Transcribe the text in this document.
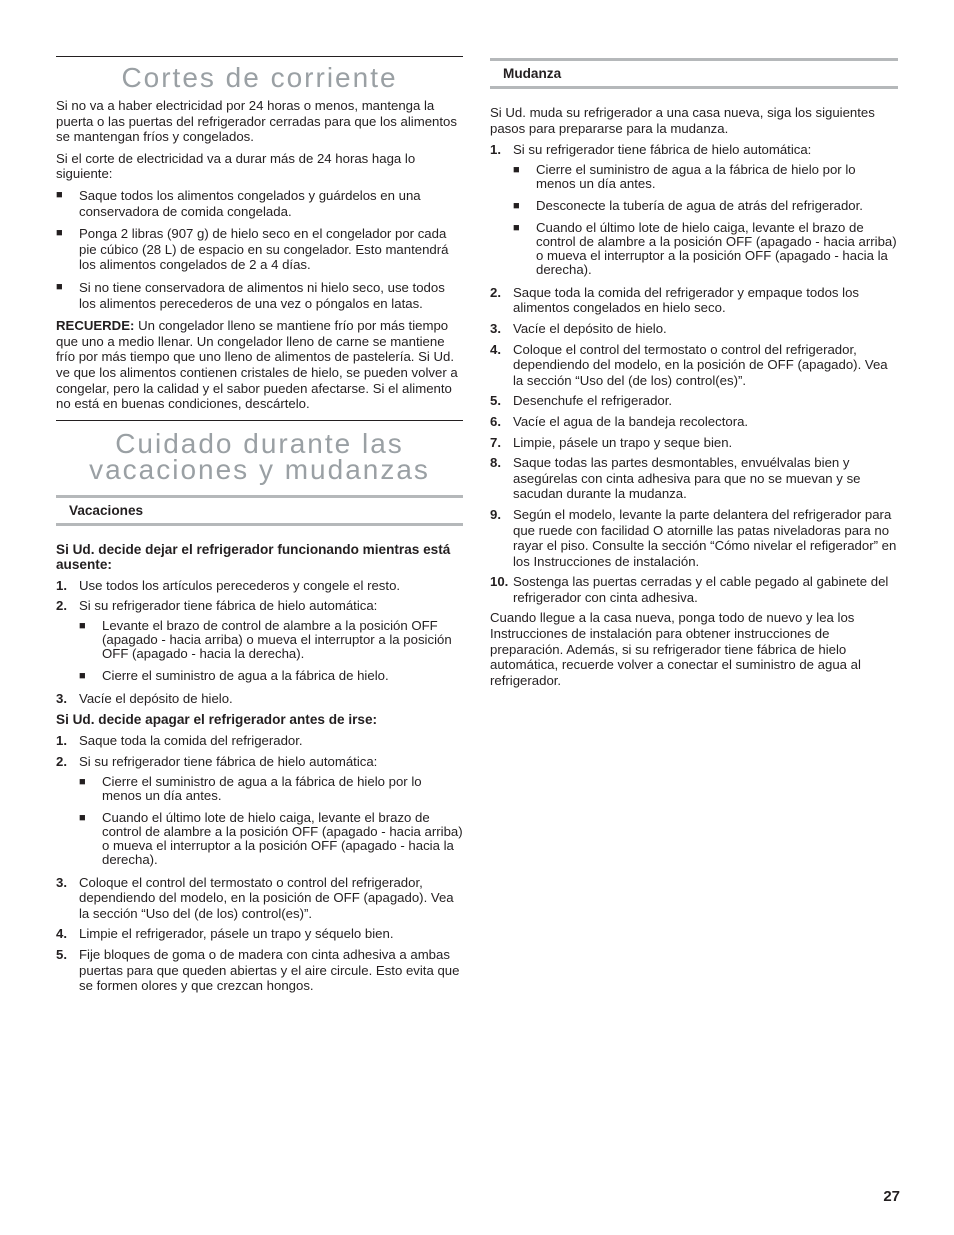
Cortes de corriente

Si no va a haber electricidad por 24 horas o menos, mantenga la puerta o las puertas del refrigerador cerradas para que los alimentos se mantengan fríos y congelados.

Si el corte de electricidad va a durar más de 24 horas haga lo siguiente:

■	Saque todos los alimentos congelados y guárdelos en una conservadora de comida congelada.
■	Ponga 2 libras (907 g) de hielo seco en el congelador por cada pie cúbico (28 L) de espacio en su congelador. Esto mantendrá los alimentos congelados de 2 a 4 días.
■	Si no tiene conservadora de alimentos ni hielo seco, use todos los alimentos perecederos de una vez o póngalos en latas.

RECUERDE: Un congelador lleno se mantiene frío por más tiempo que uno a medio llenar. Un congelador lleno de carne se mantiene frío por más tiempo que uno lleno de alimentos de pastelería. Si Ud. ve que los alimentos contienen cristales de hielo, se pueden volver a congelar, pero la calidad y el sabor pueden afectarse. Si el alimento no está en buenas condiciones, descártelo.

Cuidado durante las
vacaciones y mudanzas
Vacaciones
Si Ud. decide dejar el refrigerador funcionando mientras está ausente:
1. Use todos los artículos perecederos y congele el resto.
2. Si su refrigerador tiene fábrica de hielo automática:
■	Levante el brazo de control de alambre a la posición OFF (apagado - hacia arriba) o mueva el interruptor a la posición OFF (apagado - hacia la derecha).
■	Cierre el suministro de agua a la fábrica de hielo.
3. Vacíe el depósito de hielo.
Si Ud. decide apagar el refrigerador antes de irse:
1. Saque toda la comida del refrigerador.
2. Si su refrigerador tiene fábrica de hielo automática:
■	Cierre el suministro de agua a la fábrica de hielo por lo menos un día antes.
■	Cuando el último lote de hielo caiga, levante el brazo de control de alambre a la posición OFF (apagado - hacia arriba) o mueva el interruptor a la posición OFF (apagado - hacia la derecha).
3. Coloque el control del termostato o control del refrigerador, dependiendo del modelo, en la posición de OFF (apagado). Vea la sección “Uso del (de los) control(es)”.
4. Limpie el refrigerador, pásele un trapo y séquelo bien.
5. Fije bloques de goma o de madera con cinta adhesiva a ambas puertas para que queden abiertas y el aire circule. Esto evita que se formen olores y que crezcan hongos.
Mudanza

Si Ud. muda su refrigerador a una casa nueva, siga los siguientes pasos para prepararse para la mudanza.

1. Si su refrigerador tiene fábrica de hielo automática:
■	Cierre el suministro de agua a la fábrica de hielo por lo menos un día antes.
■	Desconecte la tubería de agua de atrás del refrigerador.
■	Cuando el último lote de hielo caiga, levante el brazo de control de alambre a la posición OFF (apagado - hacia arriba) o mueva el interruptor a la posición OFF (apagado - hacia la derecha).
2. Saque toda la comida del refrigerador y empaque todos los alimentos congelados en hielo seco.
3. Vacíe el depósito de hielo.
4. Coloque el control del termostato o control del refrigerador, dependiendo del modelo, en la posición de OFF (apagado). Vea la sección “Uso del (de los) control(es)”.
5. Desenchufe el refrigerador.
6. Vacíe el agua de la bandeja recolectora.
7. Limpie, pásele un trapo y seque bien.
8. Saque todas las partes desmontables, envuélvalas bien y asegúrelas con cinta adhesiva para que no se muevan y se sacudan durante la mudanza.
9. Según el modelo, levante la parte delantera del refrigerador para que ruede con facilidad O atornille las patas niveladoras para no rayar el piso. Consulte la sección “Cómo nivelar el refigerador” en los Instrucciones de instalación.
10. Sostenga las puertas cerradas y el cable pegado al gabinete del refrigerador con cinta adhesiva.

Cuando llegue a la casa nueva, ponga todo de nuevo y lea los Instrucciones de instalación para obtener instrucciones de preparación. Además, si su refrigerador tiene fábrica de hielo automática, recuerde volver a conectar el suministro de agua al refrigerador.

27
